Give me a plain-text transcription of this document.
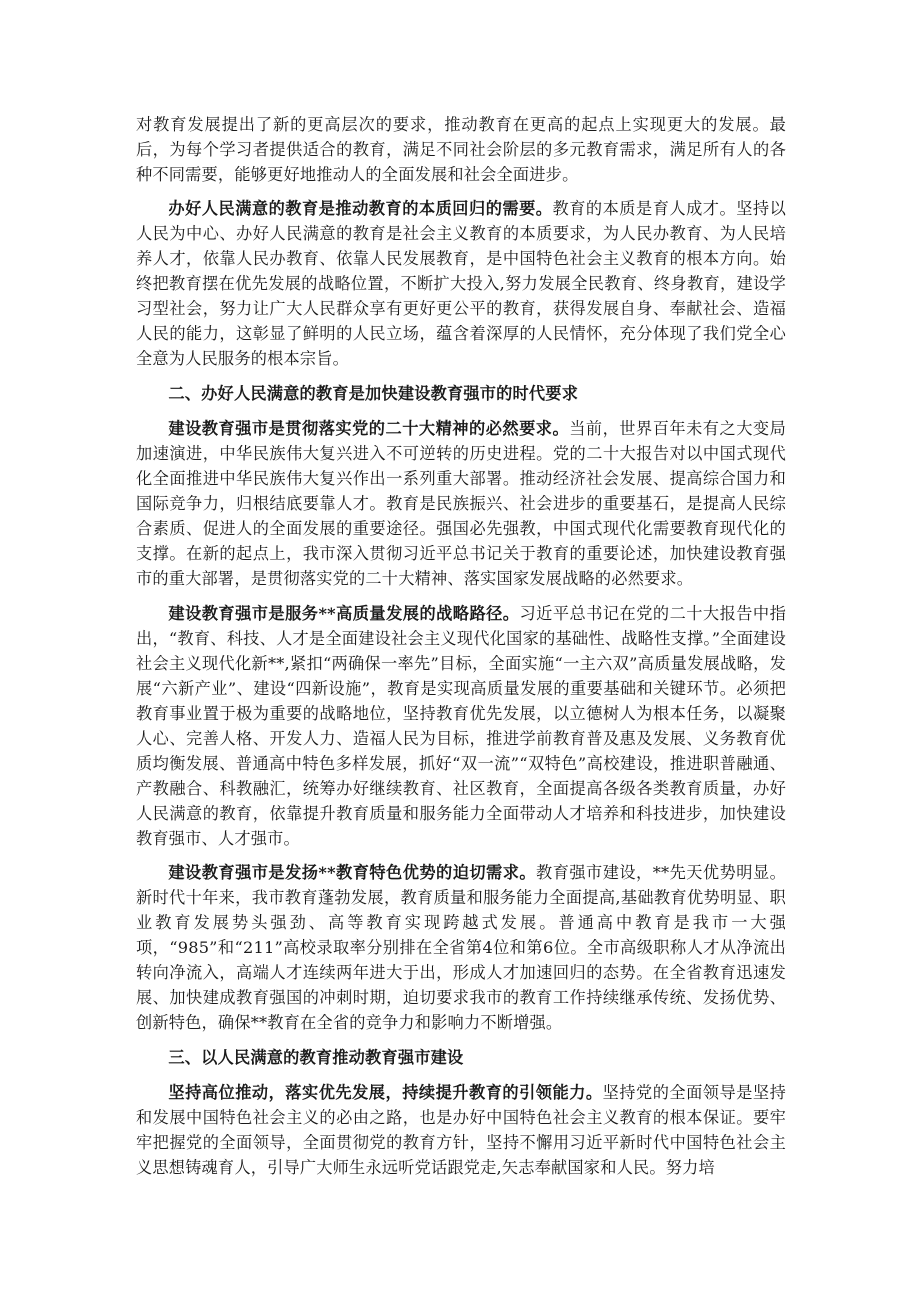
对教育发展提出了新的更高层次的要求，推动教育在更高的起点上实现更大的发展。最后，为每个学习者提供适合的教育，满足不同社会阶层的多元教育需求，满足所有人的各种不同需要，能够更好地推动人的全面发展和社会全面进步。

办好人民满意的教育是推动教育的本质回归的需要。教育的本质是育人成才。坚持以人民为中心、办好人民满意的教育是社会主义教育的本质要求，为人民办教育、为人民培养人才，依靠人民办教育、依靠人民发展教育，是中国特色社会主义教育的根本方向。始终把教育摆在优先发展的战略位置，不断扩大投入,努力发展全民教育、终身教育，建设学习型社会，努力让广大人民群众享有更好更公平的教育，获得发展自身、奉献社会、造福人民的能力，这彰显了鲜明的人民立场，蕴含着深厚的人民情怀，充分体现了我们党全心全意为人民服务的根本宗旨。

二、办好人民满意的教育是加快建设教育强市的时代要求

建设教育强市是贯彻落实党的二十大精神的必然要求。当前，世界百年未有之大变局加速演进，中华民族伟大复兴进入不可逆转的历史进程。党的二十大报告对以中国式现代化全面推进中华民族伟大复兴作出一系列重大部署。推动经济社会发展、提高综合国力和国际竞争力，归根结底要靠人才。教育是民族振兴、社会进步的重要基石，是提高人民综合素质、促进人的全面发展的重要途径。强国必先强教，中国式现代化需要教育现代化的支撑。在新的起点上，我市深入贯彻习近平总书记关于教育的重要论述，加快建设教育强市的重大部署，是贯彻落实党的二十大精神、落实国家发展战略的必然要求。

建设教育强市是服务**高质量发展的战略路径。习近平总书记在党的二十大报告中指出，“教育、科技、人才是全面建设社会主义现代化国家的基础性、战略性支撑。”全面建设社会主义现代化新**,紧扣“两确保一率先”目标，全面实施“一主六双”高质量发展战略，发展“六新产业”、建设“四新设施”，教育是实现高质量发展的重要基础和关键环节。必须把教育事业置于极为重要的战略地位，坚持教育优先发展，以立德树人为根本任务，以凝聚人心、完善人格、开发人力、造福人民为目标，推进学前教育普及惠及发展、义务教育优质均衡发展、普通高中特色多样发展，抓好“双一流”“双特色”高校建设，推进职普融通、产教融合、科教融汇，统筹办好继续教育、社区教育，全面提高各级各类教育质量，办好人民满意的教育，依靠提升教育质量和服务能力全面带动人才培养和科技进步，加快建设教育强市、人才强市。

建设教育强市是发扬**教育特色优势的迫切需求。教育强市建设，**先天优势明显。新时代十年来，我市教育蓬勃发展，教育质量和服务能力全面提高,基础教育优势明显、职业教育发展势头强劲、高等教育实现跨越式发展。普通高中教育是我市一大强项，“985”和“211”高校录取率分别排在全省第4位和第6位。全市高级职称人才从净流出转向净流入，高端人才连续两年进大于出，形成人才加速回归的态势。在全省教育迅速发展、加快建成教育强国的冲刺时期，迫切要求我市的教育工作持续继承传统、发扬优势、创新特色，确保**教育在全省的竞争力和影响力不断增强。

三、以人民满意的教育推动教育强市建设

坚持高位推动，落实优先发展，持续提升教育的引领能力。坚持党的全面领导是坚持和发展中国特色社会主义的必由之路，也是办好中国特色社会主义教育的根本保证。要牢牢把握党的全面领导，全面贯彻党的教育方针，坚持不懈用习近平新时代中国特色社会主义思想铸魂育人，引导广大师生永远听党话跟党走,矢志奉献国家和人民。努力培
